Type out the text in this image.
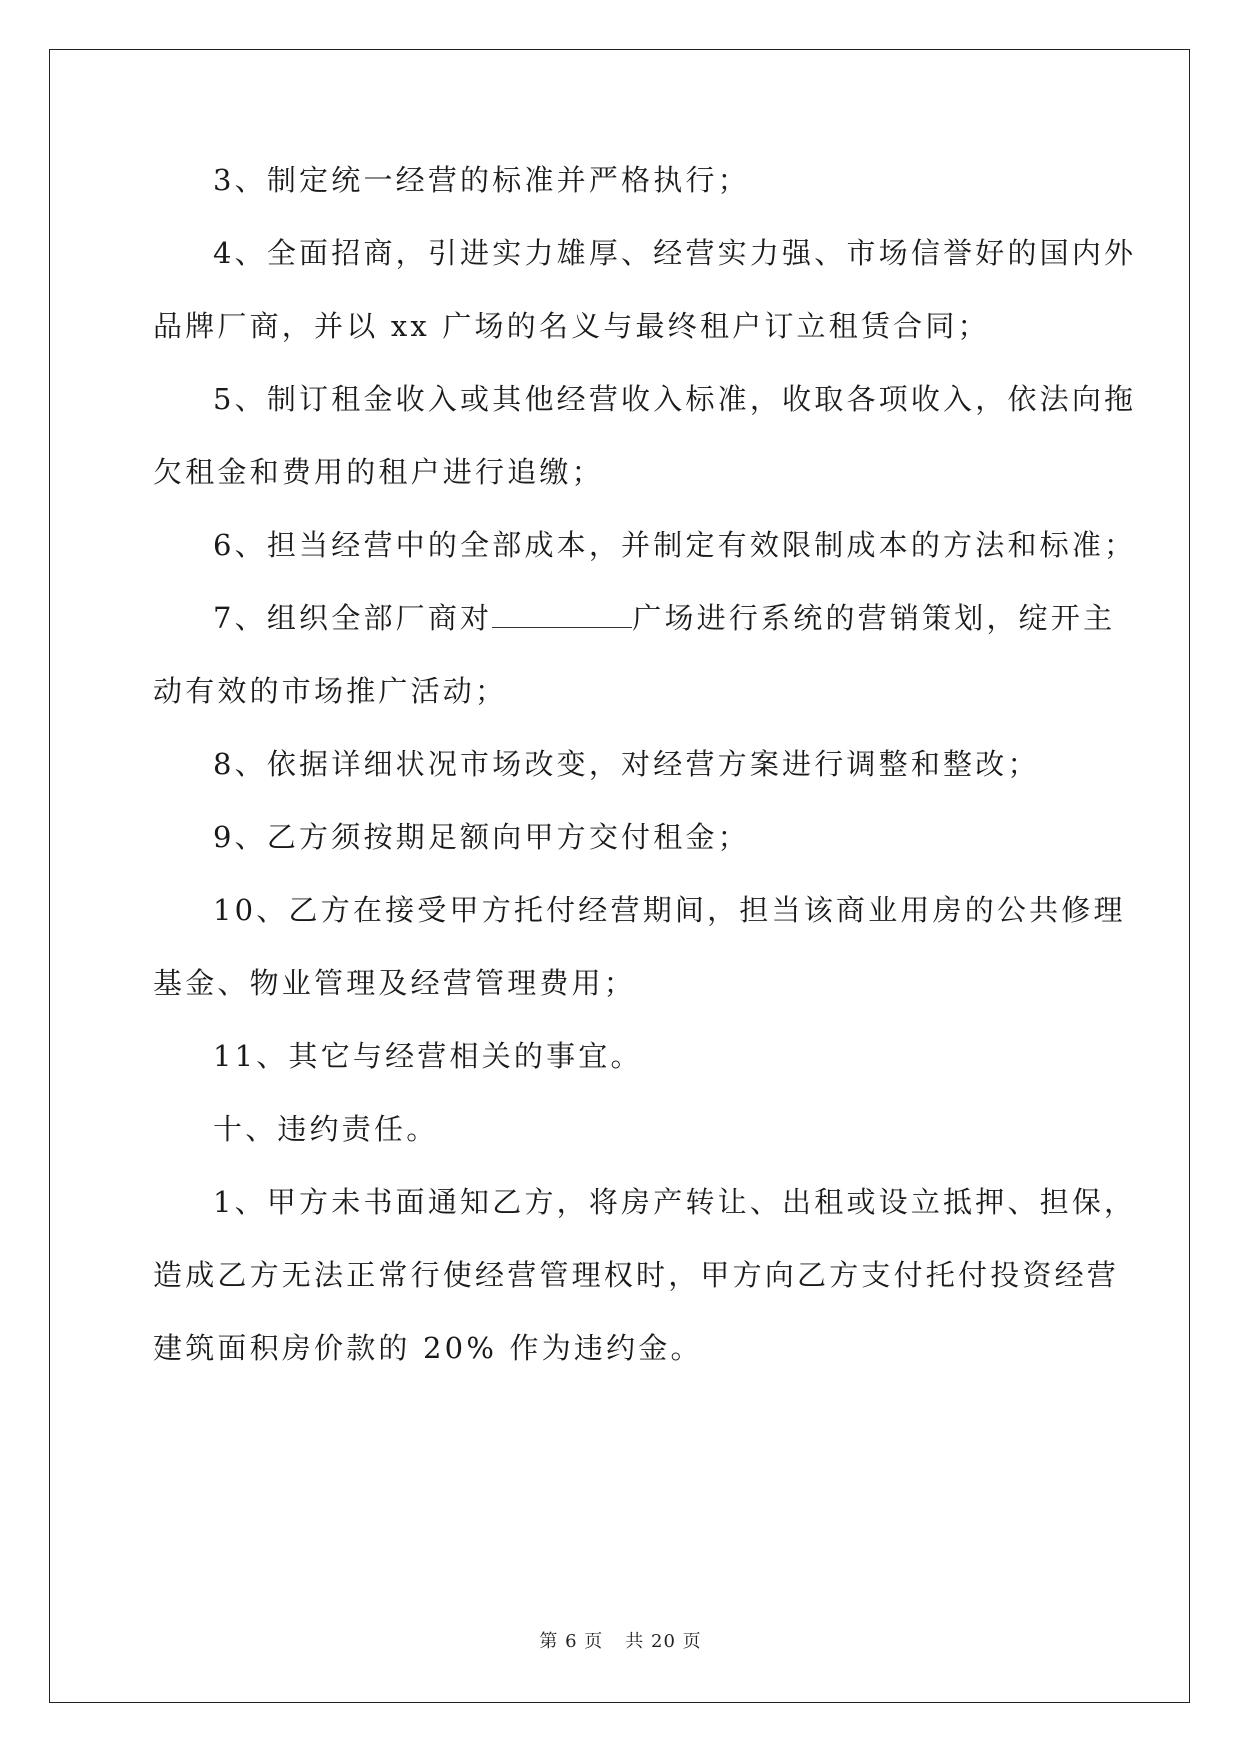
3、制定统一经营的标准并严格执行；
4、全面招商，引进实力雄厚、经营实力强、市场信誉好的国内外
品牌厂商，并以 xx 广场的名义与最终租户订立租赁合同；
5、制订租金收入或其他经营收入标准，收取各项收入，依法向拖
欠租金和费用的租户进行追缴；
6、担当经营中的全部成本，并制定有效限制成本的方法和标准；
7、组织全部厂商对	广场进行系统的营销策划，绽开主
动有效的市场推广活动；
8、依据详细状况市场改变，对经营方案进行调整和整改；
9、乙方须按期足额向甲方交付租金；
10、乙方在接受甲方托付经营期间，担当该商业用房的公共修理
基金、物业管理及经营管理费用；
11、其它与经营相关的事宜。
十、违约责任。
1、甲方未书面通知乙方，将房产转让、出租或设立抵押、担保，
造成乙方无法正常行使经营管理权时，甲方向乙方支付托付投资经营
建筑面积房价款的 20% 作为违约金。
第 6 页 共 20 页
